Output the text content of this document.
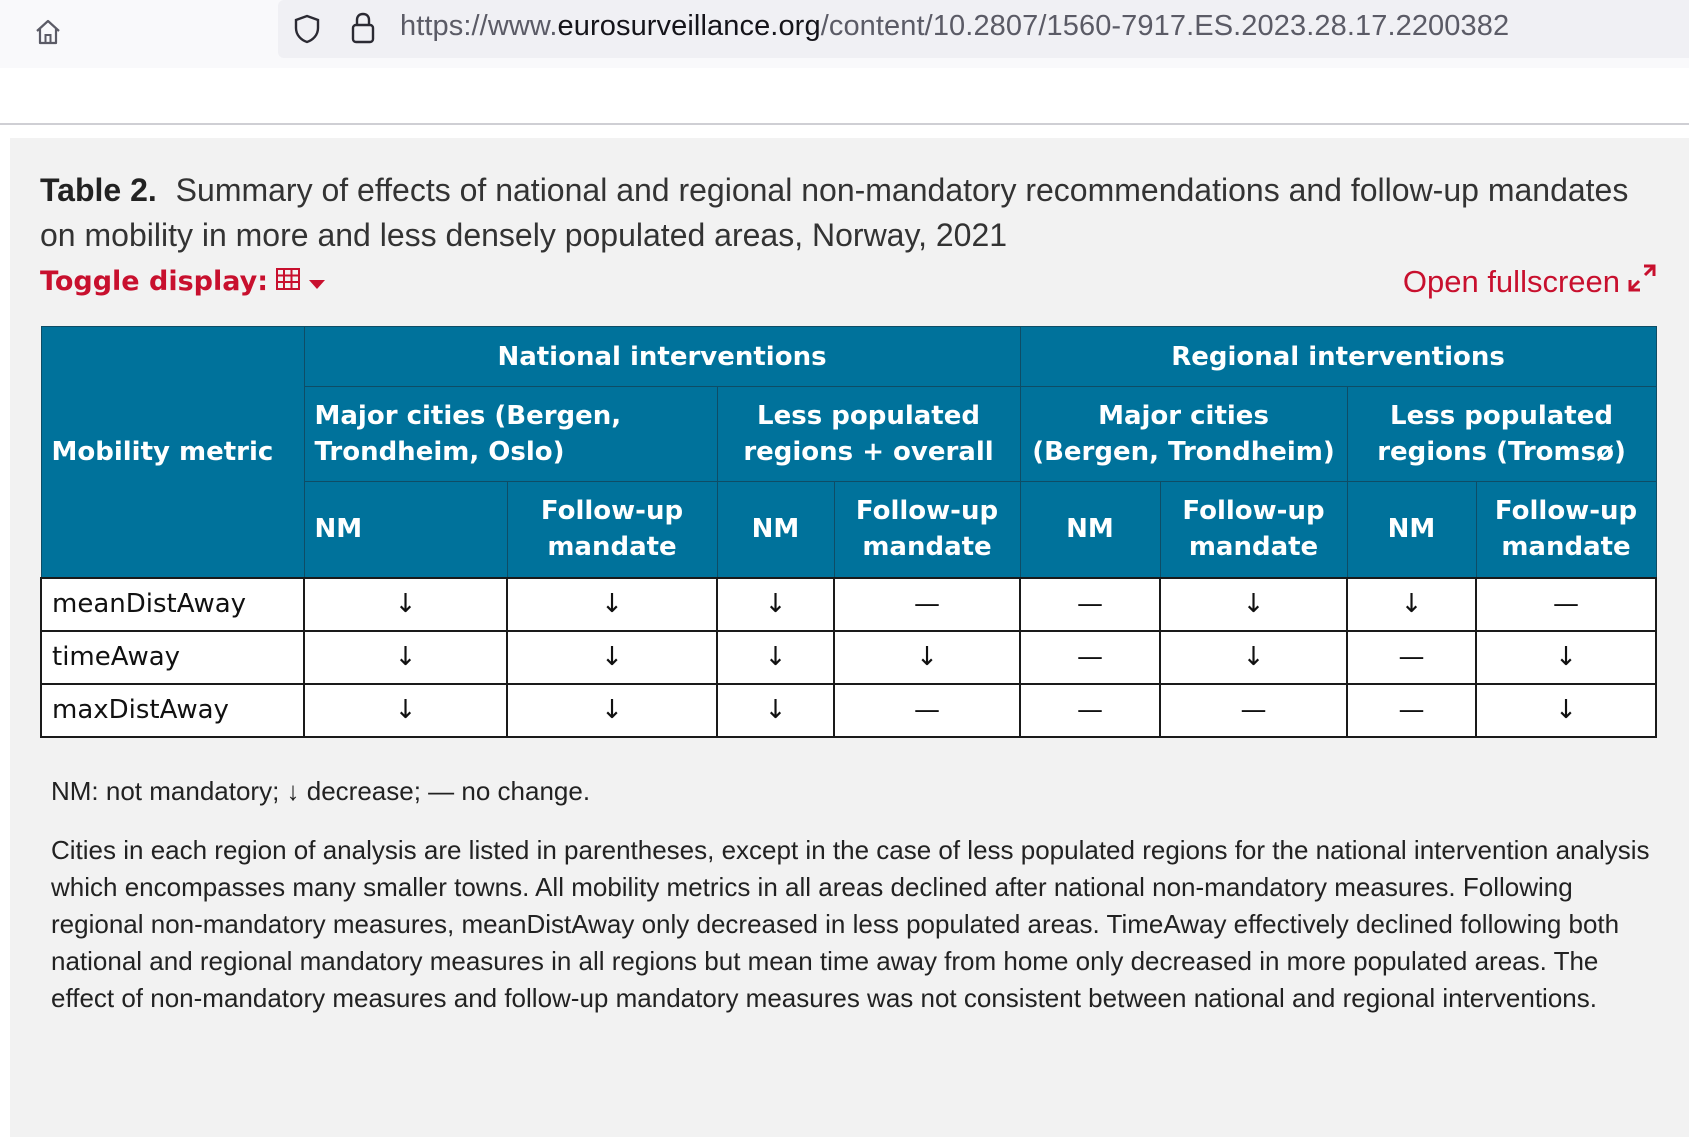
https://www.eurosurveillance.org/content/10.2807/1560-7917.ES.2023.28.17.2200382
Table 2. Summary of effects of national and regional non-mandatory recommendations and follow-up mandates on mobility in more and less densely populated areas, Norway, 2021
Toggle display:	Open fullscreen
Mobility metric	National interventions				Regional interventions			
	Major cities (Bergen, Trondheim, Oslo)		Less populated regions + overall		Major cities (Bergen, Trondheim)		Less populated regions (Tromsø)	
	NM	Follow-up mandate	NM	Follow-up mandate	NM	Follow-up mandate	NM	Follow-up mandate
meanDistAway	↓	↓	↓	—	—	↓	↓	—
timeAway	↓	↓	↓	↓	—	↓	—	↓
maxDistAway	↓	↓	↓	—	—	—	—	↓
NM: not mandatory; ↓ decrease; — no change.
Cities in each region of analysis are listed in parentheses, except in the case of less populated regions for the national intervention analysis which encompasses many smaller towns. All mobility metrics in all areas declined after national non-mandatory measures. Following regional non-mandatory measures, meanDistAway only decreased in less populated areas. TimeAway effectively declined following both national and regional mandatory measures in all regions but mean time away from home only decreased in more populated areas. The effect of non-mandatory measures and follow-up mandatory measures was not consistent between national and regional interventions.
